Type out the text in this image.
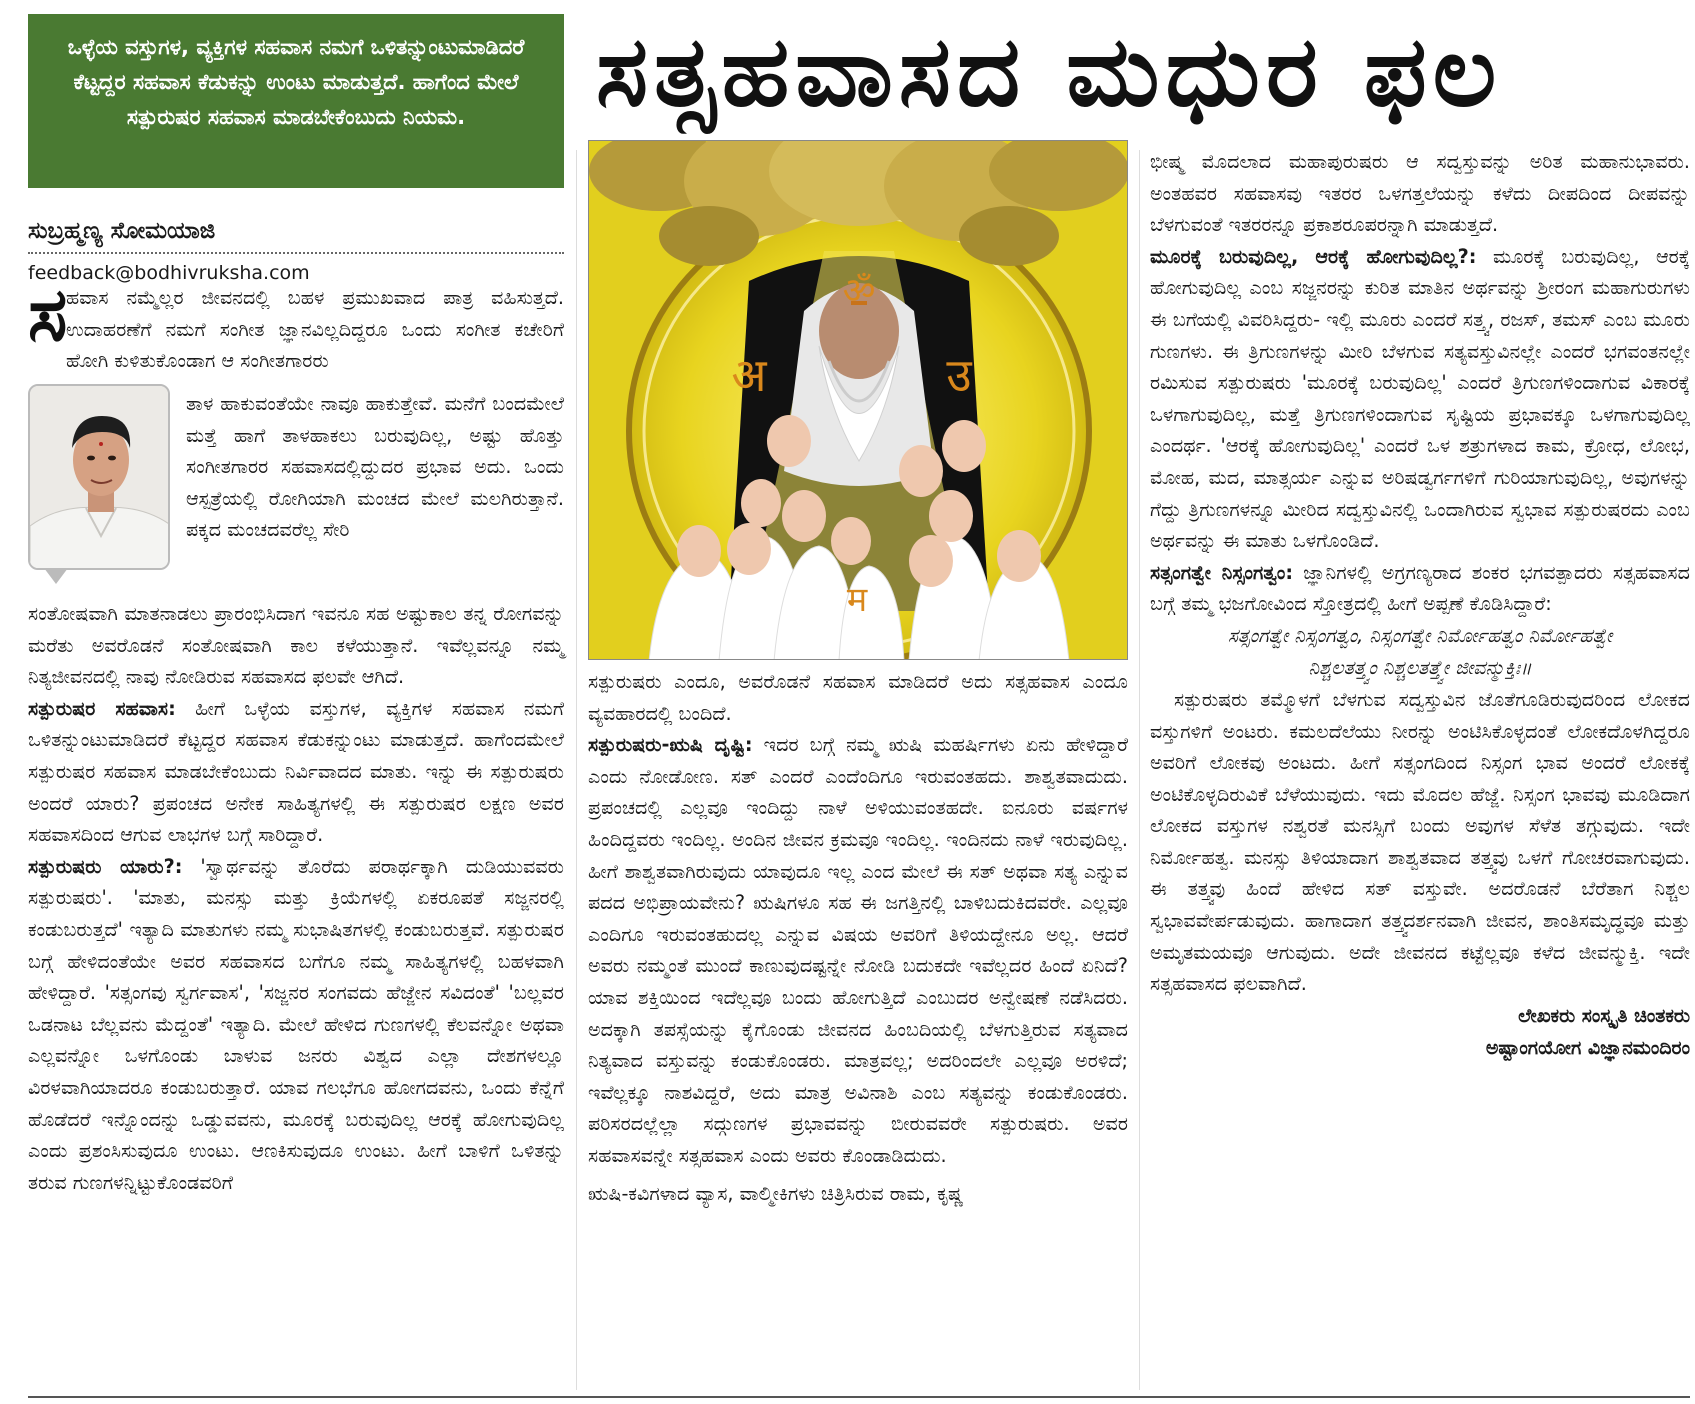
ಒಳ್ಳೆಯ ವಸ್ತುಗಳ, ವ್ಯಕ್ತಿಗಳ ಸಹವಾಸ ನಮಗೆ ಒಳಿತನ್ನುಂಟುಮಾಡಿದರೆ ಕೆಟ್ಟದ್ದರ ಸಹವಾಸ ಕೆಡುಕನ್ನು ಉಂಟು ಮಾಡುತ್ತದೆ. ಹಾಗೆಂದ ಮೇಲೆ ಸತ್ಪುರುಷರ ಸಹವಾಸ ಮಾಡಬೇಕೆಂಬುದು ನಿಯಮ.	ಸತ್ಸಹವಾಸದ ಮಧುರ ಫಲ
ಸುಬ್ರಹ್ಮಣ್ಯ ಸೋಮಯಾಜಿ
feedback@bodhivruksha.com
ಸ

ಹವಾಸ ನಮ್ಮೆಲ್ಲರ ಜೀವನದಲ್ಲಿ ಬಹಳ ಪ್ರಮುಖವಾದ ಪಾತ್ರ ವಹಿಸುತ್ತದೆ. ಉದಾಹರಣೆಗೆ ನಮಗೆ ಸಂಗೀತ ಜ್ಞಾನವಿಲ್ಲದಿದ್ದರೂ ಒಂದು ಸಂಗೀತ ಕಚೇರಿಗೆ ಹೋಗಿ ಕುಳಿತುಕೊಂಡಾಗ ಆ ಸಂಗೀತಗಾರರು

ತಾಳ ಹಾಕುವಂತೆಯೇ ನಾವೂ ಹಾಕುತ್ತೇವೆ. ಮನೆಗೆ ಬಂದಮೇಲೆ ಮತ್ತೆ ಹಾಗೆ ತಾಳಹಾಕಲು ಬರುವುದಿಲ್ಲ, ಅಷ್ಟು ಹೊತ್ತು ಸಂಗೀತಗಾರರ ಸಹವಾಸದಲ್ಲಿದ್ದುದರ ಪ್ರಭಾವ ಅದು. ಒಂದು ಆಸ್ಪತ್ರೆಯಲ್ಲಿ ರೋಗಿಯಾಗಿ ಮಂಚದ ಮೇಲೆ ಮಲಗಿರುತ್ತಾನೆ. ಪಕ್ಕದ ಮಂಚದವರೆಲ್ಲ ಸೇರಿ

ಸಂತೋಷವಾಗಿ ಮಾತನಾಡಲು ಪ್ರಾರಂಭಿಸಿದಾಗ ಇವನೂ ಸಹ ಅಷ್ಟುಕಾಲ ತನ್ನ ರೋಗವನ್ನು ಮರೆತು ಅವರೊಡನೆ ಸಂತೋಷವಾಗಿ ಕಾಲ ಕಳೆಯುತ್ತಾನೆ. ಇವೆಲ್ಲವನ್ನೂ ನಮ್ಮ ನಿತ್ಯಜೀವನದಲ್ಲಿ ನಾವು ನೋಡಿರುವ ಸಹವಾಸದ ಫಲವೇ ಆಗಿದೆ.

ಸತ್ಪುರುಷರ ಸಹವಾಸ: ಹೀಗೆ ಒಳ್ಳೆಯ ವಸ್ತುಗಳ, ವ್ಯಕ್ತಿಗಳ ಸಹವಾಸ ನಮಗೆ ಒಳಿತನ್ನುಂಟುಮಾಡಿದರೆ ಕೆಟ್ಟದ್ದರ ಸಹವಾಸ ಕೆಡುಕನ್ನುಂಟು ಮಾಡುತ್ತದೆ. ಹಾಗೆಂದಮೇಲೆ ಸತ್ಪುರುಷರ ಸಹವಾಸ ಮಾಡಬೇಕೆಂಬುದು ನಿರ್ವಿವಾದದ ಮಾತು. ಇನ್ನು ಈ ಸತ್ಪುರುಷರು ಅಂದರೆ ಯಾರು? ಪ್ರಪಂಚದ ಅನೇಕ ಸಾಹಿತ್ಯಗಳಲ್ಲಿ ಈ ಸತ್ಪುರುಷರ ಲಕ್ಷಣ ಅವರ ಸಹವಾಸದಿಂದ ಆಗುವ ಲಾಭಗಳ ಬಗ್ಗೆ ಸಾರಿದ್ದಾರೆ.

ಸತ್ಪುರುಷರು ಯಾರು?: 'ಸ್ವಾರ್ಥವನ್ನು ತೊರೆದು ಪರಾರ್ಥಕ್ಕಾಗಿ ದುಡಿಯುವವರು ಸತ್ಪುರುಷರು'. 'ಮಾತು, ಮನಸ್ಸು ಮತ್ತು ಕ್ರಿಯೆಗಳಲ್ಲಿ ಏಕರೂಪತೆ ಸಜ್ಜನರಲ್ಲಿ ಕಂಡುಬರುತ್ತದೆ' ಇತ್ಯಾದಿ ಮಾತುಗಳು ನಮ್ಮ ಸುಭಾಷಿತಗಳಲ್ಲಿ ಕಂಡುಬರುತ್ತವೆ. ಸತ್ಪುರುಷರ ಬಗ್ಗೆ ಹೇಳಿದಂತೆಯೇ ಅವರ ಸಹವಾಸದ ಬಗೆಗೂ ನಮ್ಮ ಸಾಹಿತ್ಯಗಳಲ್ಲಿ ಬಹಳವಾಗಿ ಹೇಳಿದ್ದಾರೆ. 'ಸತ್ಸಂಗವು ಸ್ವರ್ಗವಾಸ', 'ಸಜ್ಜನರ ಸಂಗವದು ಹೆಜ್ಜೇನ ಸವಿದಂತೆ' 'ಬಲ್ಲವರ ಒಡನಾಟ ಬೆಲ್ಲವನು ಮೆದ್ದಂತೆ' ಇತ್ಯಾದಿ. ಮೇಲೆ ಹೇಳಿದ ಗುಣಗಳಲ್ಲಿ ಕೆಲವನ್ನೋ ಅಥವಾ ಎಲ್ಲವನ್ನೋ ಒಳಗೊಂಡು ಬಾಳುವ ಜನರು ವಿಶ್ವದ ಎಲ್ಲಾ ದೇಶಗಳಲ್ಲೂ ವಿರಳವಾಗಿಯಾದರೂ ಕಂಡುಬರುತ್ತಾರೆ. ಯಾವ ಗಲಭೆಗೂ ಹೋಗದವನು, ಒಂದು ಕೆನ್ನೆಗೆ ಹೊಡೆದರೆ ಇನ್ನೊಂದನ್ನು ಒಡ್ಡುವವನು, ಮೂರಕ್ಕೆ ಬರುವುದಿಲ್ಲ ಆರಕ್ಕೆ ಹೋಗುವುದಿಲ್ಲ ಎಂದು ಪ್ರಶಂಸಿಸುವುದೂ ಉಂಟು. ಆಣಕಿಸುವುದೂ ಉಂಟು. ಹೀಗೆ ಬಾಳಿಗೆ ಒಳಿತನ್ನು ತರುವ ಗುಣಗಳನ್ನಿಟ್ಟುಕೊಂಡವರಿಗೆ

ॐ
अ	उ
म

ಸತ್ಪುರುಷರು ಎಂದೂ, ಅವರೊಡನೆ ಸಹವಾಸ ಮಾಡಿದರೆ ಅದು ಸತ್ಸಹವಾಸ ಎಂದೂ ವ್ಯವಹಾರದಲ್ಲಿ ಬಂದಿದೆ.

ಸತ್ಪುರುಷರು-ಋಷಿ ದೃಷ್ಟಿ: ಇದರ ಬಗ್ಗೆ ನಮ್ಮ ಋಷಿ ಮಹರ್ಷಿಗಳು ಏನು ಹೇಳಿದ್ದಾರೆ ಎಂದು ನೋಡೋಣ. ಸತ್ ಎಂದರೆ ಎಂದೆಂದಿಗೂ ಇರುವಂತಹದು. ಶಾಶ್ವತವಾದುದು. ಪ್ರಪಂಚದಲ್ಲಿ ಎಲ್ಲವೂ ಇಂದಿದ್ದು ನಾಳೆ ಅಳಿಯುವಂತಹದೇ. ಐನೂರು ವರ್ಷಗಳ ಹಿಂದಿದ್ದವರು ಇಂದಿಲ್ಲ. ಅಂದಿನ ಜೀವನ ಕ್ರಮವೂ ಇಂದಿಲ್ಲ. ಇಂದಿನದು ನಾಳೆ ಇರುವುದಿಲ್ಲ. ಹೀಗೆ ಶಾಶ್ವತವಾಗಿರುವುದು ಯಾವುದೂ ಇಲ್ಲ ಎಂದ ಮೇಲೆ ಈ ಸತ್ ಅಥವಾ ಸತ್ಯ ಎನ್ನುವ ಪದದ ಅಭಿಪ್ರಾಯವೇನು? ಋಷಿಗಳೂ ಸಹ ಈ ಜಗತ್ತಿನಲ್ಲಿ ಬಾಳಿಬದುಕಿದವರೇ. ಎಲ್ಲವೂ ಎಂದಿಗೂ ಇರುವಂತಹುದಲ್ಲ ಎನ್ನುವ ವಿಷಯ ಅವರಿಗೆ ತಿಳಿಯದ್ದೇನೂ ಅಲ್ಲ. ಆದರೆ ಅವರು ನಮ್ಮಂತೆ ಮುಂದೆ ಕಾಣುವುದಷ್ಟನ್ನೇ ನೋಡಿ ಬದುಕದೇ ಇವೆಲ್ಲದರ ಹಿಂದೆ ಏನಿದೆ? ಯಾವ ಶಕ್ತಿಯಿಂದ ಇದೆಲ್ಲವೂ ಬಂದು ಹೋಗುತ್ತಿದೆ ಎಂಬುದರ ಅನ್ವೇಷಣೆ ನಡೆಸಿದರು. ಅದಕ್ಕಾಗಿ ತಪಸ್ಸೆಯನ್ನು ಕೈಗೊಂಡು ಜೀವನದ ಹಿಂಬದಿಯಲ್ಲಿ ಬೆಳಗುತ್ತಿರುವ ಸತ್ಯವಾದ ನಿತ್ಯವಾದ ವಸ್ತುವನ್ನು ಕಂಡುಕೊಂಡರು. ಮಾತ್ರವಲ್ಲ; ಅದರಿಂದಲೇ ಎಲ್ಲವೂ ಅರಳಿದೆ; ಇವೆಲ್ಲಕ್ಕೂ ನಾಶವಿದ್ದರೆ, ಅದು ಮಾತ್ರ ಅವಿನಾಶಿ ಎಂಬ ಸತ್ಯವನ್ನು ಕಂಡುಕೊಂಡರು. ಪರಿಸರದಲ್ಲೆಲ್ಲಾ ಸದ್ಗುಣಗಳ ಪ್ರಭಾವವನ್ನು ಬೀರುವವರೇ ಸತ್ಪುರುಷರು. ಅವರ ಸಹವಾಸವನ್ನೇ ಸತ್ಸಹವಾಸ ಎಂದು ಅವರು ಕೊಂಡಾಡಿದುದು.

ಋಷಿ-ಕವಿಗಳಾದ ವ್ಯಾಸ, ವಾಲ್ಮೀಕಿಗಳು ಚಿತ್ರಿಸಿರುವ ರಾಮ, ಕೃಷ್ಣ

ಭೀಷ್ಮ ಮೊದಲಾದ ಮಹಾಪುರುಷರು ಆ ಸದ್ವಸ್ತುವನ್ನು ಅರಿತ ಮಹಾನುಭಾವರು. ಅಂತಹವರ ಸಹವಾಸವು ಇತರರ ಒಳಗತ್ತಲೆಯನ್ನು ಕಳೆದು ದೀಪದಿಂದ ದೀಪವನ್ನು ಬೆಳಗುವಂತೆ ಇತರರನ್ನೂ ಪ್ರಕಾಶರೂಪರನ್ನಾಗಿ ಮಾಡುತ್ತದೆ.

ಮೂರಕ್ಕೆ ಬರುವುದಿಲ್ಲ, ಆರಕ್ಕೆ ಹೋಗುವುದಿಲ್ಲ?: ಮೂರಕ್ಕೆ ಬರುವುದಿಲ್ಲ, ಆರಕ್ಕೆ ಹೋಗುವುದಿಲ್ಲ ಎಂಬ ಸಜ್ಜನರನ್ನು ಕುರಿತ ಮಾತಿನ ಅರ್ಥವನ್ನು ಶ್ರೀರಂಗ ಮಹಾಗುರುಗಳು ಈ ಬಗೆಯಲ್ಲಿ ವಿವರಿಸಿದ್ದರು- ಇಲ್ಲಿ ಮೂರು ಎಂದರೆ ಸತ್ತ್ವ, ರಜಸ್, ತಮಸ್ ಎಂಬ ಮೂರು ಗುಣಗಳು. ಈ ತ್ರಿಗುಣಗಳನ್ನು ಮೀರಿ ಬೆಳಗುವ ಸತ್ಯವಸ್ತುವಿನಲ್ಲೇ ಎಂದರೆ ಭಗವಂತನಲ್ಲೇ ರಮಿಸುವ ಸತ್ಪುರುಷರು 'ಮೂರಕ್ಕೆ ಬರುವುದಿಲ್ಲ' ಎಂದರೆ ತ್ರಿಗುಣಗಳಿಂದಾಗುವ ವಿಕಾರಕ್ಕೆ ಒಳಗಾಗುವುದಿಲ್ಲ, ಮತ್ತೆ ತ್ರಿಗುಣಗಳಿಂದಾಗುವ ಸೃಷ್ಟಿಯ ಪ್ರಭಾವಕ್ಕೂ ಒಳಗಾಗುವುದಿಲ್ಲ ಎಂದರ್ಥ. 'ಆರಕ್ಕೆ ಹೋಗುವುದಿಲ್ಲ' ಎಂದರೆ ಒಳ ಶತ್ರುಗಳಾದ ಕಾಮ, ಕ್ರೋಧ, ಲೋಭ, ಮೋಹ, ಮದ, ಮಾತ್ಸರ್ಯ ಎನ್ನುವ ಅರಿಷಡ್ವರ್ಗಗಳಿಗೆ ಗುರಿಯಾಗುವುದಿಲ್ಲ, ಅವುಗಳನ್ನು ಗೆದ್ದು ತ್ರಿಗುಣಗಳನ್ನೂ ಮೀರಿದ ಸದ್ವಸ್ತುವಿನಲ್ಲಿ ಒಂದಾಗಿರುವ ಸ್ವಭಾವ ಸತ್ಪುರುಷರದು ಎಂಬ ಅರ್ಥವನ್ನು ಈ ಮಾತು ಒಳಗೊಂಡಿದೆ.

ಸತ್ಸಂಗತ್ವೇ ನಿಸ್ಸಂಗತ್ವಂ: ಜ್ಞಾನಿಗಳಲ್ಲಿ ಅಗ್ರಗಣ್ಯರಾದ ಶಂಕರ ಭಗವತ್ಪಾದರು ಸತ್ಸಹವಾಸದ ಬಗ್ಗೆ ತಮ್ಮ ಭಜಗೋವಿಂದ ಸ್ತೋತ್ರದಲ್ಲಿ ಹೀಗೆ ಅಪ್ಪಣೆ ಕೊಡಿಸಿದ್ದಾರೆ:

ಸತ್ಸಂಗತ್ವೇ ನಿಸ್ಸಂಗತ್ವಂ, ನಿಸ್ಸಂಗತ್ವೇ ನಿರ್ಮೋಹತ್ವಂ ನಿರ್ಮೋಹತ್ವೇ
ನಿಶ್ಚಲತತ್ತ್ವಂ ನಿಶ್ಚಲತತ್ತ್ವೇ ಜೀವನ್ಮುಕ್ತಿಃ॥

ಸತ್ಪುರುಷರು ತಮ್ಮೊಳಗೆ ಬೆಳಗುವ ಸದ್ವಸ್ತುವಿನ ಜೊತೆಗೂಡಿರುವುದರಿಂದ ಲೋಕದ ವಸ್ತುಗಳಿಗೆ ಅಂಟರು. ಕಮಲದೆಲೆಯು ನೀರನ್ನು ಅಂಟಿಸಿಕೊಳ್ಳದಂತೆ ಲೋಕದೊಳಗಿದ್ದರೂ ಅವರಿಗೆ ಲೋಕವು ಅಂಟದು. ಹೀಗೆ ಸತ್ಸಂಗದಿಂದ ನಿಸ್ಸಂಗ ಭಾವ ಅಂದರೆ ಲೋಕಕ್ಕೆ ಅಂಟಿಕೊಳ್ಳದಿರುವಿಕೆ ಬೆಳೆಯುವುದು. ಇದು ಮೊದಲ ಹೆಜ್ಜೆ. ನಿಸ್ಸಂಗ ಭಾವವು ಮೂಡಿದಾಗ ಲೋಕದ ವಸ್ತುಗಳ ನಶ್ವರತೆ ಮನಸ್ಸಿಗೆ ಬಂದು ಅವುಗಳ ಸೆಳೆತ ತಗ್ಗುವುದು. ಇದೇ ನಿರ್ಮೋಹತ್ವ. ಮನಸ್ಸು ತಿಳಿಯಾದಾಗ ಶಾಶ್ವತವಾದ ತತ್ತ್ವವು ಒಳಗೆ ಗೋಚರವಾಗುವುದು. ಈ ತತ್ತ್ವವು ಹಿಂದೆ ಹೇಳಿದ ಸತ್ ವಸ್ತುವೇ. ಅದರೊಡನೆ ಬೆರೆತಾಗ ನಿಶ್ಚಲ ಸ್ವಭಾವವೇರ್ಪಡುವುದು. ಹಾಗಾದಾಗ ತತ್ತ್ವದರ್ಶನವಾಗಿ ಜೀವನ, ಶಾಂತಿಸಮೃದ್ಧವೂ ಮತ್ತು ಅಮೃತಮಯವೂ ಆಗುವುದು. ಅದೇ ಜೀವನದ ಕಟ್ಟೆಲ್ಲವೂ ಕಳೆದ ಜೀವನ್ಮುಕ್ತಿ. ಇದೇ ಸತ್ಸಹವಾಸದ ಫಲವಾಗಿದೆ.

ಲೇಖಕರು ಸಂಸ್ಕೃತಿ ಚಿಂತಕರು
ಅಷ್ಟಾಂಗಯೋಗ ವಿಜ್ಞಾನಮಂದಿರಂ
